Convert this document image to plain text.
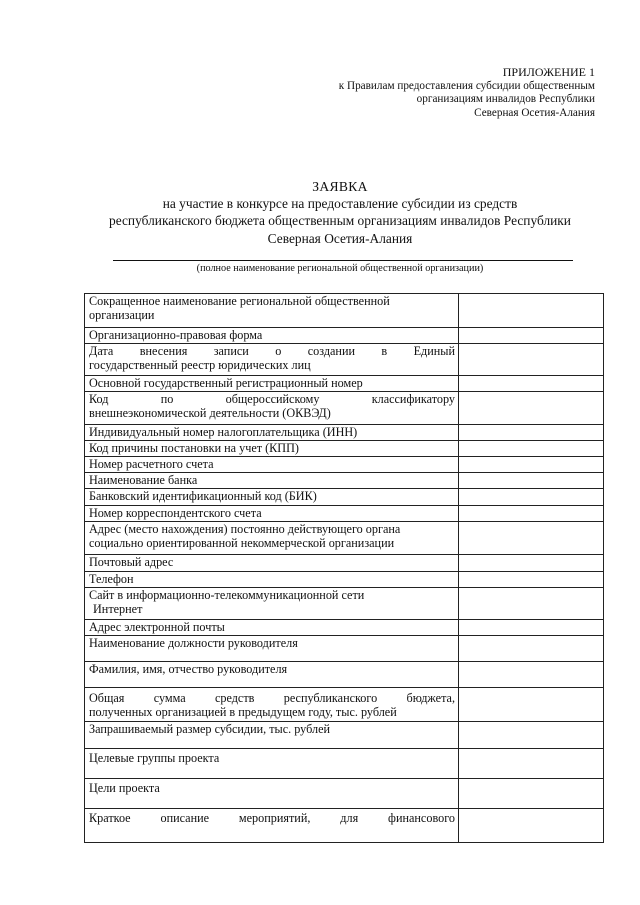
ПРИЛОЖЕНИЕ 1
к Правилам предоставления субсидии общественным
организациям инвалидов Республики
Северная Осетия-Алания
ЗАЯВКА
на участие в конкурсе на предоставление субсидии из средств
республиканского бюджета общественным организациям инвалидов Республики
Северная Осетия-Алания
(полное наименование региональной общественной организации)
Сокращенное наименование региональной общественной
организации	

Организационно-правовая форма	

Дата внесения записи о создании в Единый
государственный реестр юридических лиц	

Основной государственный регистрационный номер	

Код по общероссийскому классификатору
внешнеэкономической деятельности (ОКВЭД)	

Индивидуальный номер налогоплательщика (ИНН)	

Код причины постановки на учет (КПП)	

Номер расчетного счета	

Наименование банка	

Банковский идентификационный код (БИК)	

Номер корреспондентского счета	

Адрес (место нахождения) постоянно действующего органа
социально ориентированной некоммерческой организации	

Почтовый адрес	

Телефон	

Сайт в информационно-телекоммуникационной сети
Интернет	

Адрес электронной почты	

Наименование должности руководителя	

Фамилия, имя, отчество руководителя	

Общая сумма средств республиканского бюджета,
полученных организацией в предыдущем году, тыс. рублей	

Запрашиваемый размер субсидии, тыс. рублей	

Целевые группы проекта	

Цели проекта	

Краткое описание мероприятий, для финансового	
